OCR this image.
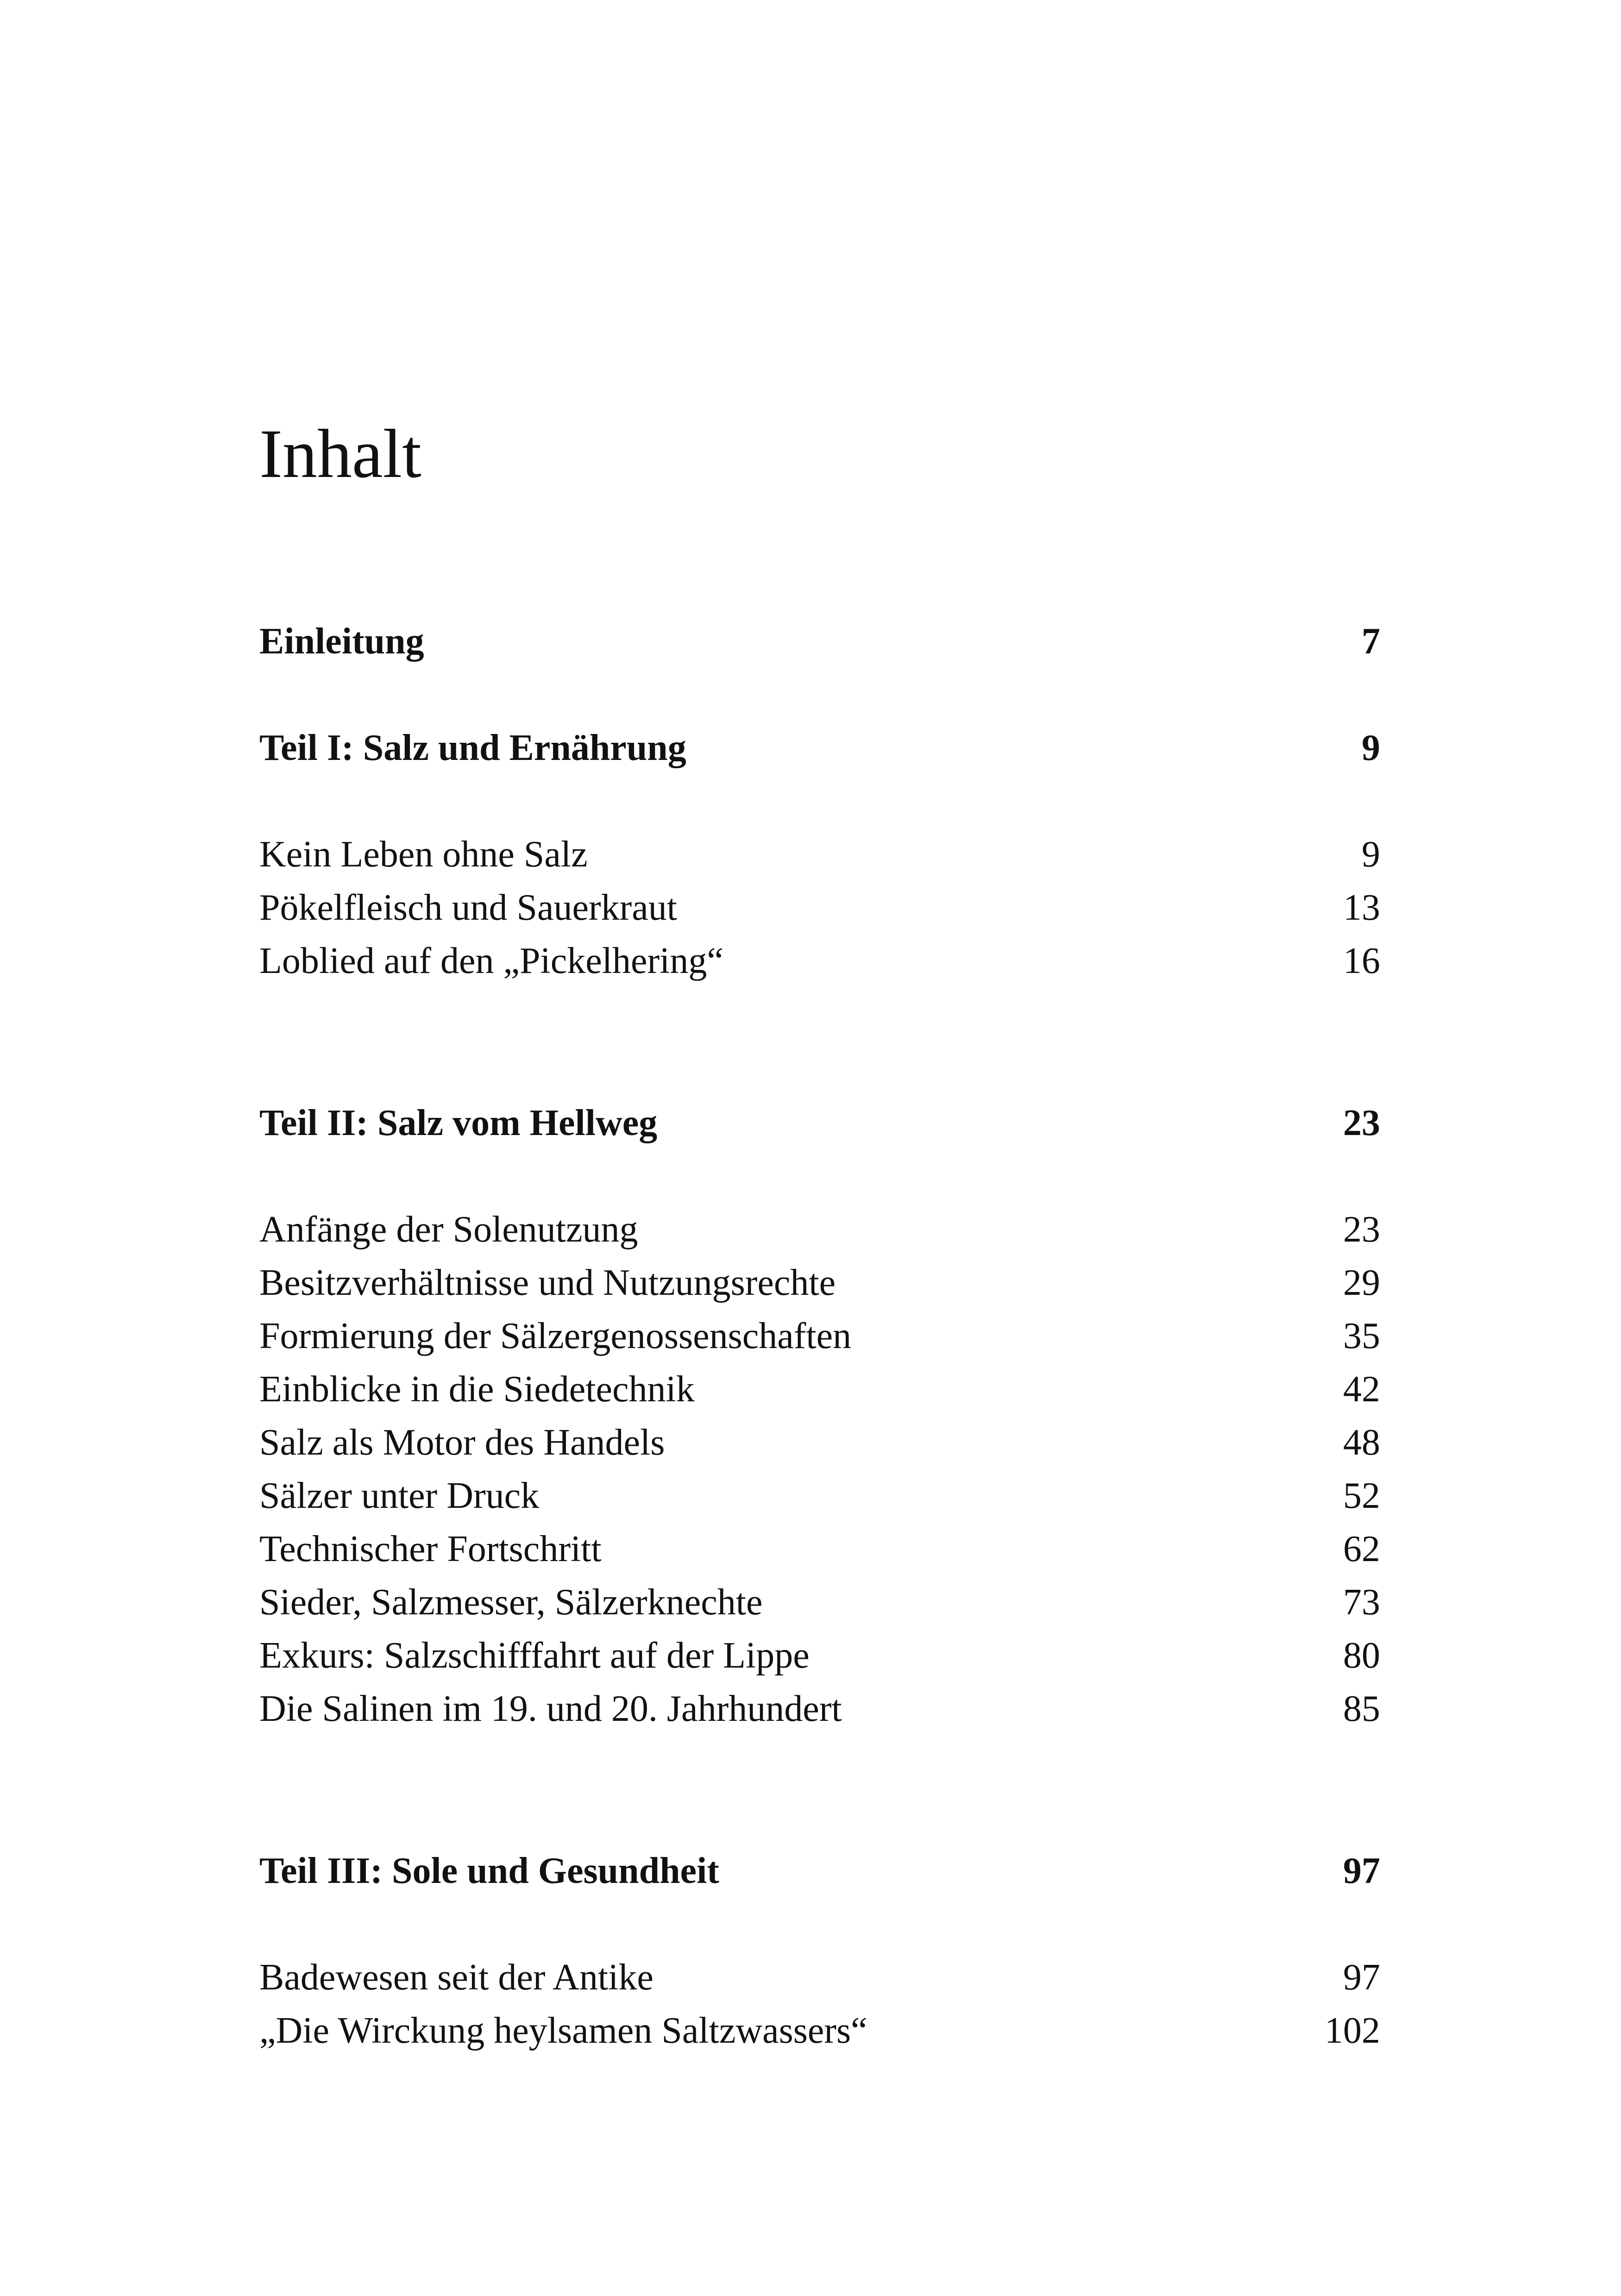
Inhalt
Einleitung	7
Teil I: Salz und Ernährung	9
Kein Leben ohne Salz	9
Pökelfleisch und Sauerkraut	13
Loblied auf den „Pickelhering“	16
Teil II: Salz vom Hellweg	23
Anfänge der Solenutzung	23
Besitzverhältnisse und Nutzungsrechte	29
Formierung der Sälzergenossenschaften	35
Einblicke in die Siedetechnik	42
Salz als Motor des Handels	48
Sälzer unter Druck	52
Technischer Fortschritt	62
Sieder, Salzmesser, Sälzerknechte	73
Exkurs: Salzschifffahrt auf der Lippe	80
Die Salinen im 19. und 20. Jahrhundert	85
Teil III: Sole und Gesundheit	97
Badewesen seit der Antike	97
„Die Wirckung heylsamen Saltzwassers“	102
